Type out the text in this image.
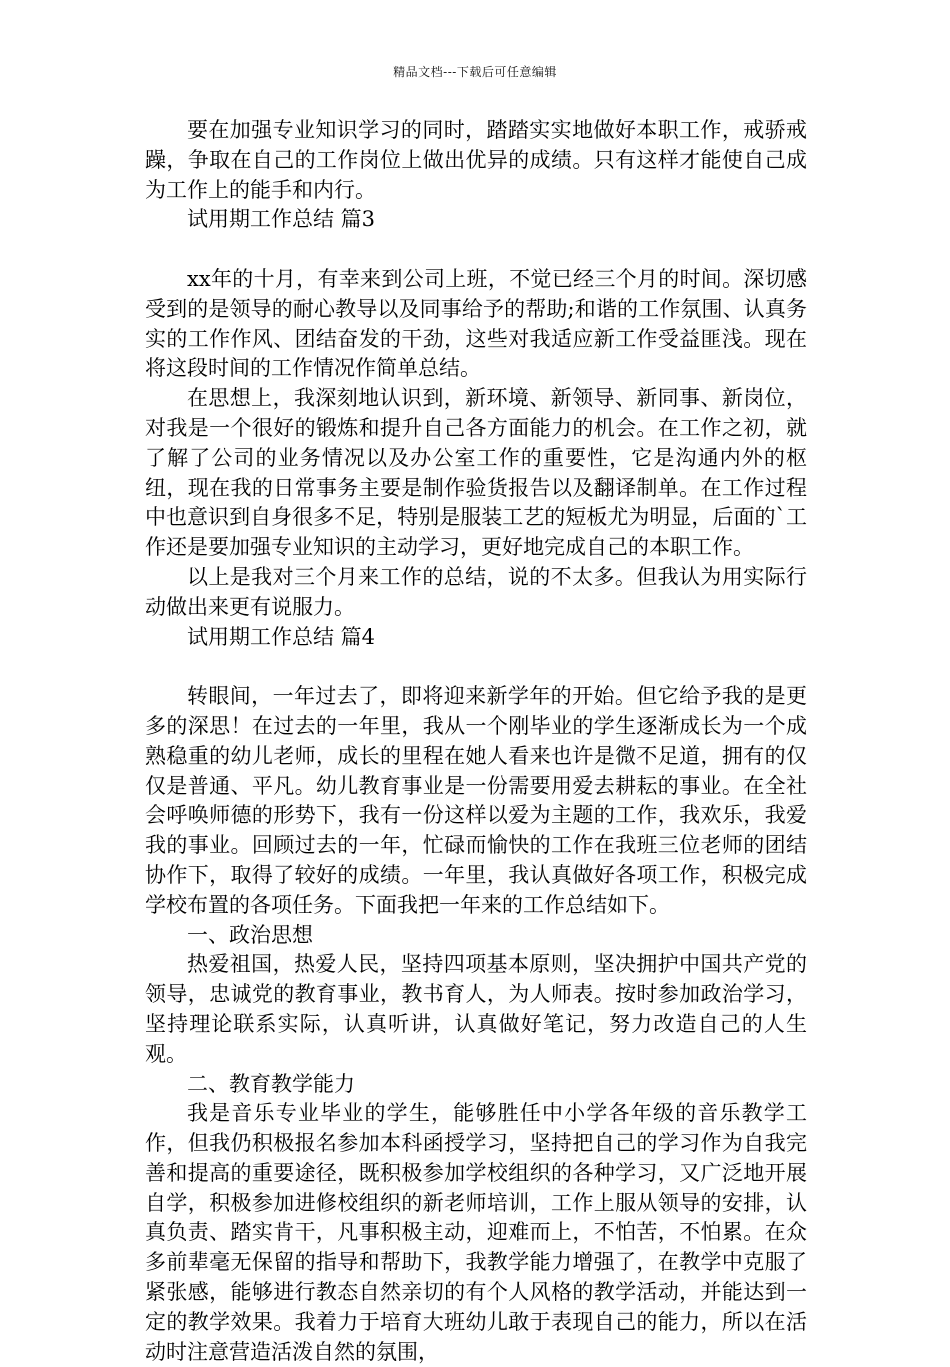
精品文档---下载后可任意编辑

要在加强专业知识学习的同时，踏踏实实地做好本职工作，戒骄戒躁，争取在自己的工作岗位上做出优异的成绩。只有这样才能使自己成为工作上的能手和内行。

试用期工作总结 篇3

xx年的十月，有幸来到公司上班，不觉已经三个月的时间。深切感受到的是领导的耐心教导以及同事给予的帮助;和谐的工作氛围、认真务实的工作作风、团结奋发的干劲，这些对我适应新工作受益匪浅。现在将这段时间的工作情况作简单总结。

在思想上，我深刻地认识到，新环境、新领导、新同事、新岗位，对我是一个很好的锻炼和提升自己各方面能力的机会。在工作之初，就了解了公司的业务情况以及办公室工作的重要性，它是沟通内外的枢纽，现在我的日常事务主要是制作验货报告以及翻译制单。在工作过程中也意识到自身很多不足，特别是服装工艺的短板尤为明显，后面的`工作还是要加强专业知识的主动学习，更好地完成自己的本职工作。

以上是我对三个月来工作的总结，说的不太多。但我认为用实际行动做出来更有说服力。

试用期工作总结 篇4

转眼间，一年过去了，即将迎来新学年的开始。但它给予我的是更多的深思！在过去的一年里，我从一个刚毕业的学生逐渐成长为一个成熟稳重的幼儿老师，成长的里程在她人看来也许是微不足道，拥有的仅仅是普通、平凡。幼儿教育事业是一份需要用爱去耕耘的事业。在全社会呼唤师德的形势下，我有一份这样以爱为主题的工作，我欢乐，我爱我的事业。回顾过去的一年，忙碌而愉快的工作在我班三位老师的团结协作下，取得了较好的成绩。一年里，我认真做好各项工作，积极完成学校布置的各项任务。下面我把一年来的工作总结如下。

一、政治思想

热爱祖国，热爱人民，坚持四项基本原则，坚决拥护中国共产党的领导，忠诚党的教育事业，教书育人，为人师表。按时参加政治学习，坚持理论联系实际，认真听讲，认真做好笔记，努力改造自己的人生观。

二、教育教学能力

我是音乐专业毕业的学生，能够胜任中小学各年级的音乐教学工作，但我仍积极报名参加本科函授学习，坚持把自己的学习作为自我完善和提高的重要途径，既积极参加学校组织的各种学习，又广泛地开展自学，积极参加进修校组织的新老师培训，工作上服从领导的安排，认真负责、踏实肯干，凡事积极主动，迎难而上，不怕苦，不怕累。在众多前辈毫无保留的指导和帮助下，我教学能力增强了，在教学中克服了紧张感，能够进行教态自然亲切的有个人风格的教学活动，并能达到一定的教学效果。我着力于培育大班幼儿敢于表现自己的能力，所以在活动时注意营造活泼自然的氛围，
